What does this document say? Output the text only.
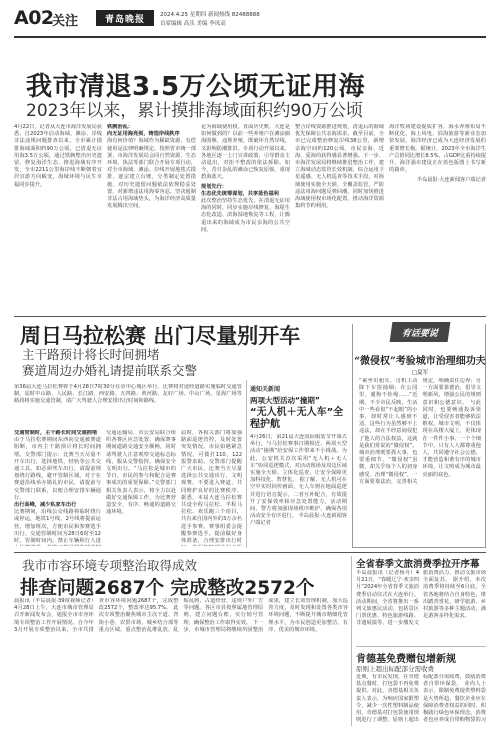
A02
关注	青岛晚报	2024.4.25 星期四 新闻热线 82488888
首席编辑 高乐 美编 李凤高
我市清退3.5万公顷无证用海
2023年以来，累计摸排海域面积约90万公顷
4月22日，记者从大连市海洋发展局获悉，自2023年启动海域、滩涂、岸线非法违规问题排查以来，全市累计摸排海域面积约90万公顷，已清退无证用海3.5万公顷，通过铁腕整治历史遗留、修复海洋生态、推进海域有序开发，全市2211公里海岸线不断朝着宜居宜游方向蜕变，海域环境与民生幸福同步提升。
铁腕治乱：
向无证用海亮剑，铸造岸线秩序
海有何价值？海域作为稀缺资源，有偿使用是法律明确规定。按照省市统一部署，市海洋发展局会同自然资源、生态环境、执法等部门联合开展专项行动，对全市海域、滩涂、岸线开展地毯式摸排，逐宗建立台账，分类制定处置措施。对历史遗留问题依法依规稳妥处置，对新增违法用海零容忍，坚决遏制非法占用海域势头，为海洋经济高质量发展腾出空间。
论为海域使用权。直面历史账，大连是如何做到的？以前一些养殖户在滩涂圈海围堰、违规养殖，既破坏自然岸线，又影响防潮排洪。专项行动开展以来，各地区逐一上门宣讲政策，引导群众主动退出，对拒不整改的依法拆除。如今，昔日杂乱的滩涂已恢复原貌，重现碧海蓝天。
规划先行：
生态优先统筹谋划，共享蓝色福利
此次整治坚持生态优先，在清退无证用海的同时，同步实施岸线修复、海堤生态化改造、滨海湿地恢复等工程，让腾退出来的海域成为市民亲海的公共空间。
整合岸线资源推进规划，清退后的海域优先保障公共亲海需求。截至目前，全市已完成整治修复岸线38公里，新增亲海空间约120公顷，市民亲海、近海、爱海的获得感显著增强。下一步，市海洋发展局将继续推进整治工作，建立海域动态监管长效机制，综合运用卫星遥感、无人机巡查等技术手段，对海域使用实施全天候、全覆盖监管，严防违法用海问题反弹回潮。同时加快推进海域使用权市场化配置，推动海洋资源集约节约利用。
海洋牧场建设提质扩容，海水养殖布局不断优化，海上风电、滨海旅游等新业态加快发展，海洋经济已成为大连经济发展的重要增长极。据统计，2023年全市海洋生产总值同比增长8.5%，占GDP比重持续提升。海洋强市建设正在蓝色版图上书写新的篇章。
半岛晨报·大连新闻客户端记者
周日马拉松赛 出门尽量别开车
主干路预计将长时间拥堵
赛道周边办婚礼请提前联系交警
第36届大连马拉松赛将于4月28日7时30分在市中心城区举行。比赛将对途经道路实施临时交通管制，届时中山路、人民路、长江路、西安路、五四路、黄河路、友好广场、中山广场、星海广场等路段将实施交通管制，请广大驾驶人合理安排出行时间和路线。
交通管制时，主干路长时间交通拥堵
由于马拉松赛期间东西向交通被赛道阻断，市内主干路预计将长时间拥堵。交警部门提示：比赛当天尽量不开车出行，选择地铁、轻轨等公共交通工具。如必须驾车出行，请提前规划绕行路线，避开管制区域。对于在赛道沿线举办婚礼的市民，请提前与交警部门联系，以便合理安排车辆通行。
出行高峰，减少私家车出行
比赛期间，沿线公交线路将临时绕行或停运，地铁1号线、2号线将提前运营，增加班次，方便市民和参赛选手出行。交通管制时间为28日6时至12时，管制时间内，禁止车辆和行人进
交通运输局、市公安局联合组织各赛区应急处置，确保赛事期间道路交通安全顺畅，同时请驾驶人注意观察交通标志标线，服从交警指挥，确保安全文明出行。“马拉松是城市的节日，市民的参与和配合是赛事成功的重要保障。”交警部门相关负责人表示，将全力以赴做好交通保障工作，为比赛营造安全、有序、畅通的道路交通环境。
届时，各相关部门将加强路面巡逻管控，及时处置突发情况。市民如遇紧急情况，可拨打110、122报警求助。交警部门提醒广大市民，比赛当天尽量选择公共交通出行，文明观赛，不要进入赛道，共同维护良好的比赛秩序。 据悉，本届大连马拉松赛共设全程马拉松、半程马拉松、欢乐跑三个项目，共有来自国内外的3万余名选手参赛。赛事组委会提醒参赛选手，提前做好身体准备，合理安排出行时
通知关新闻
两项大型活动“撞期”
“无人机＋无人车”全程护航
4月26日，第21届大连国际服装节开幕式举行，与马拉松赛事日期相近，两项大型活动“撞期”给安保工作带来不小挑战。为此，公安机关首次采用“无人机＋无人车”协同巡逻模式，对活动现场及周边区域实施全天候、立体化巡查，让安全保障更加科技化、智慧化。 据了解，无人机可在空中实时回传画面，无人车则在地面巡逻并进行语音提示，二者互补配合，有效提升了安保效率和应急处置能力。活动期间，警方将加强现场秩序维护，确保各项活动安全有序进行。 半岛晨报·大连新闻客户端记者
有话要说
“微侵权”考验城市治理细功夫
□夏军
“乘坐出租车，司机主动降下车窗抽烟；在公园里，遛狗不拴绳……”近期，不少市民反映，生活中一些看似“不起眼”的小事，却时常让人感到不适。这些行为虽然够不上违法，却在不经意间侵犯了他人的合法权益，这就是我们常说的“微侵权”。城市治理既要抓大事，也要重细节。“微侵权”虽微，却关乎每个人的切身感受。治理“微侵权”，一方面要靠法治，完善相关规定，明确责任边界；另一方面要靠德治，倡导文明新风，增强公民的规则意识和公德意识。 与此同时，也要畅通投诉渠道，让受侵害者能够依法维权。城市文明，不仅体现在高楼大厦上，更体现在一件件小事、一个个细节中。只有人人都尊重他人，共同遵守社会公德，才能营造和谐有序的城市环境，让文明成为城市最亮丽的底色。
我市市容环境专项整治取得成效
排查问题2687个 完成整改2572个
晨报讯（半岛晨报·39度视频记者）4月28日上午，大连市城市管理局召开新闻发布会，通报全市市容环境专项整治工作开展情况。自今年3月开展专项整治以来，全市共排查市容环境问题2687个，完成整改2572个，整改率达95.7%。 此次专项整治聚焦城市主次干道、背街小巷、农贸市场、城乡结合部等重点区域，重点整治乱堆乱放、乱贴乱画、占道经营、违规户外广告等问题。各区市县按照属地管理原则，建立问题台账，实行销号管理，确保整治工作取得实效。 下一步，市城市管理局将继续巩固整治成果，建立长效管理机制，加大巡查力度，及时发现和处置各类市容环境问题，不断提升城市精细化管理水平，为市民创造更加整洁、有序、优美的城市环境。
全省春季文旅消费季拉开序幕
半岛晨报讯（记者杨丹）4月21日，“春暖辽宁·欢享四月”2024年全省春季文旅消费季启动仪式在大连举行。活动期间，全省将推出一系列文旅惠民活动，包括景区门票优惠、特色旅游线路、非遗展演等，进一步激发文旅消费活力，推动文旅市场全面复苏。 据介绍，本次消费季将持续至6月底，全省各地将结合自身特色，推出踏青赏花、研学旅游、乡村旅游等多种主题活动，满足游客多样化需求。
肯德基免费赠包增新规
原则上超出标配部分需收费
近期，有市民发现，在肯德基点餐时，打包袋不再免费提供。对此，肯德基相关负责人表示，为响应国家限塑令，减少一次性塑料制品使用，肯德基对打包袋使用规则进行了调整。原则上超出标配部分需收费，鼓励消费者自带环保袋。 业内人士表示，限制免费提供塑料袋是大势所趋，餐饮企业应在保障消费者权益的同时，积极践行绿色环保理念。消费者也应养成自带购物袋的习
